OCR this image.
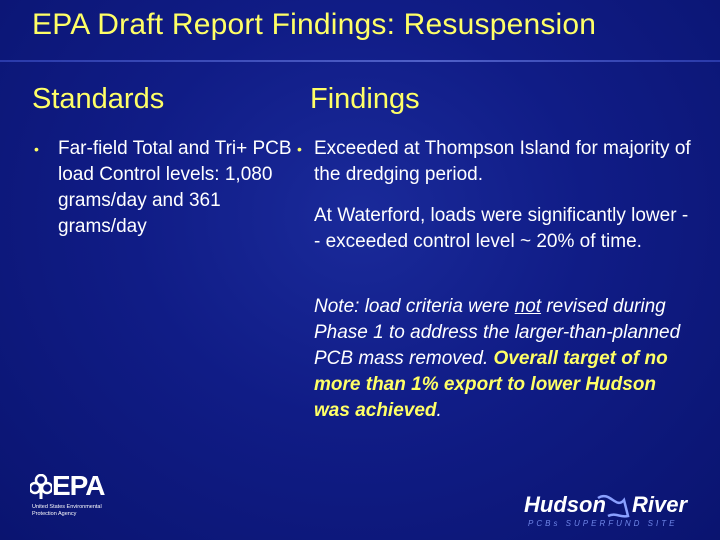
EPA Draft Report Findings: Resuspension
Standards	Findings
• Far-field Total and Tri+ PCB load Control levels: 1,080 grams/day and 361 grams/day
• Exceeded at Thompson Island for majority of the dredging period.
At Waterford, loads were significantly lower -- exceeded control level ~ 20% of time.
Note: load criteria were not revised during Phase 1 to address the larger-than-planned PCB mass removed. Overall target of no more than 1% export to lower Hudson was achieved.
EPA
United States Environmental
Protection Agency	Hudson River
PCBs SUPERFUND SITE
